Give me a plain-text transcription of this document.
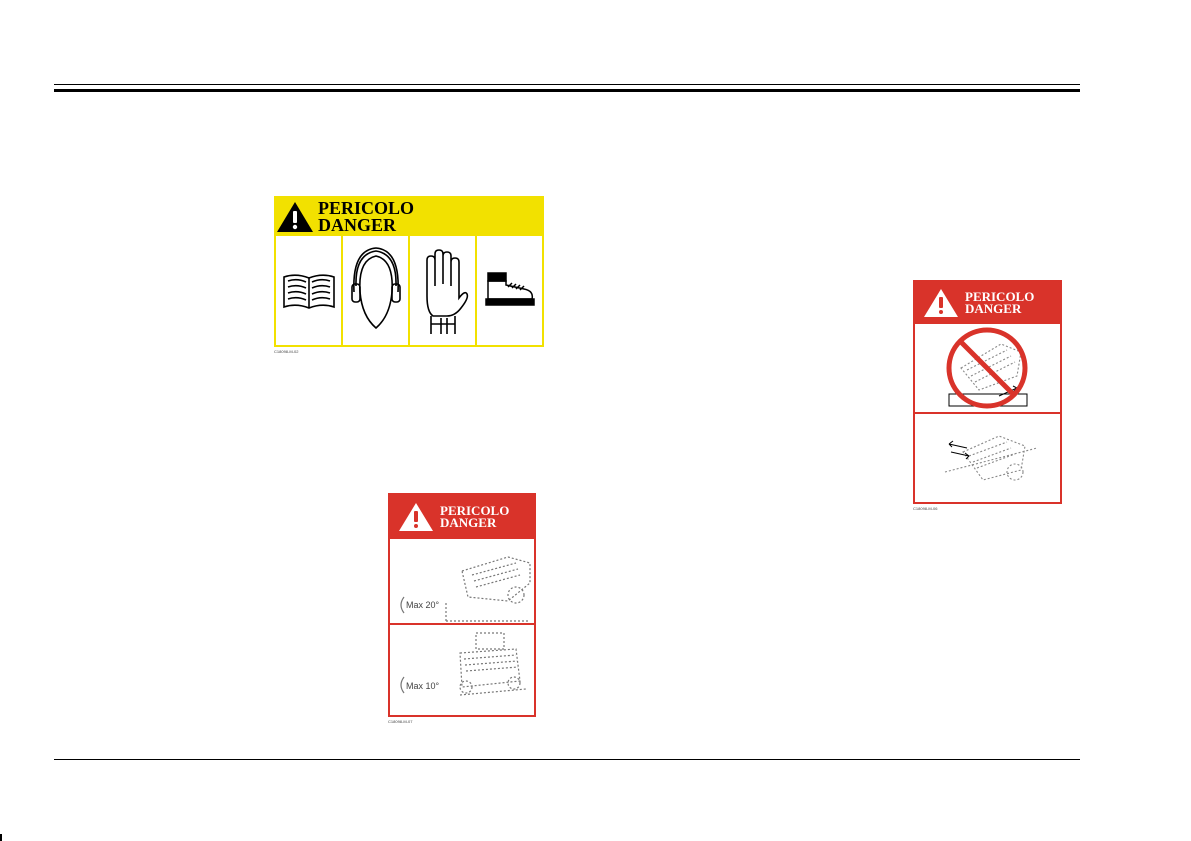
PERICOLO
DANGER
C18098-M-02
PERICOLO
DANGER
Max 20°
Max 10°
C18098-M-07
PERICOLO
DANGER
C18098-M-06
